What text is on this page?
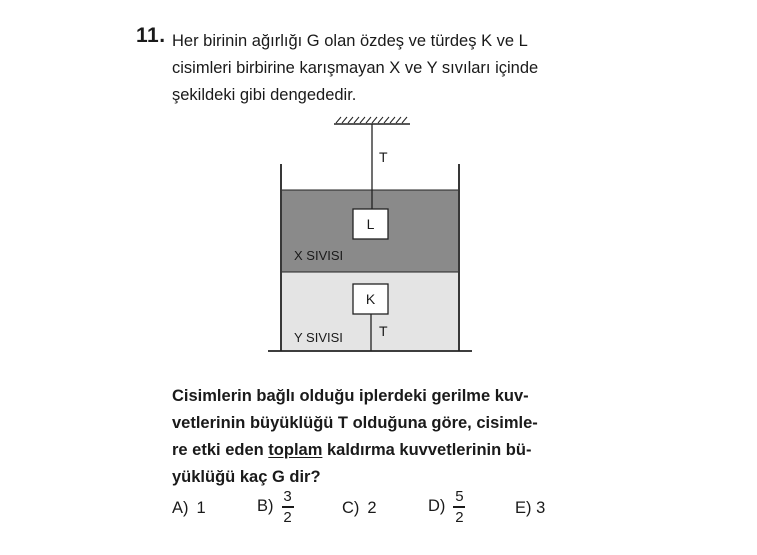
11. Her birinin ağırlığı G olan özdeş ve türdeş K ve L
cisimleri birbirine karışmayan X ve Y sıvıları içinde
şekildeki gibi dengededir.
L
K
T
T
X SIVISI
Y SIVISI
Cisimlerin bağlı olduğu iplerdeki gerilme kuv-
vetlerinin büyüklüğü T olduğuna göre, cisimle-
re etki eden toplam kaldırma kuvvetlerinin bü-
yüklüğü kaç G dir?
A) 1	$B) \frac{3}{2}$	C) 2	$D) \frac{5}{2}$	E) 3
